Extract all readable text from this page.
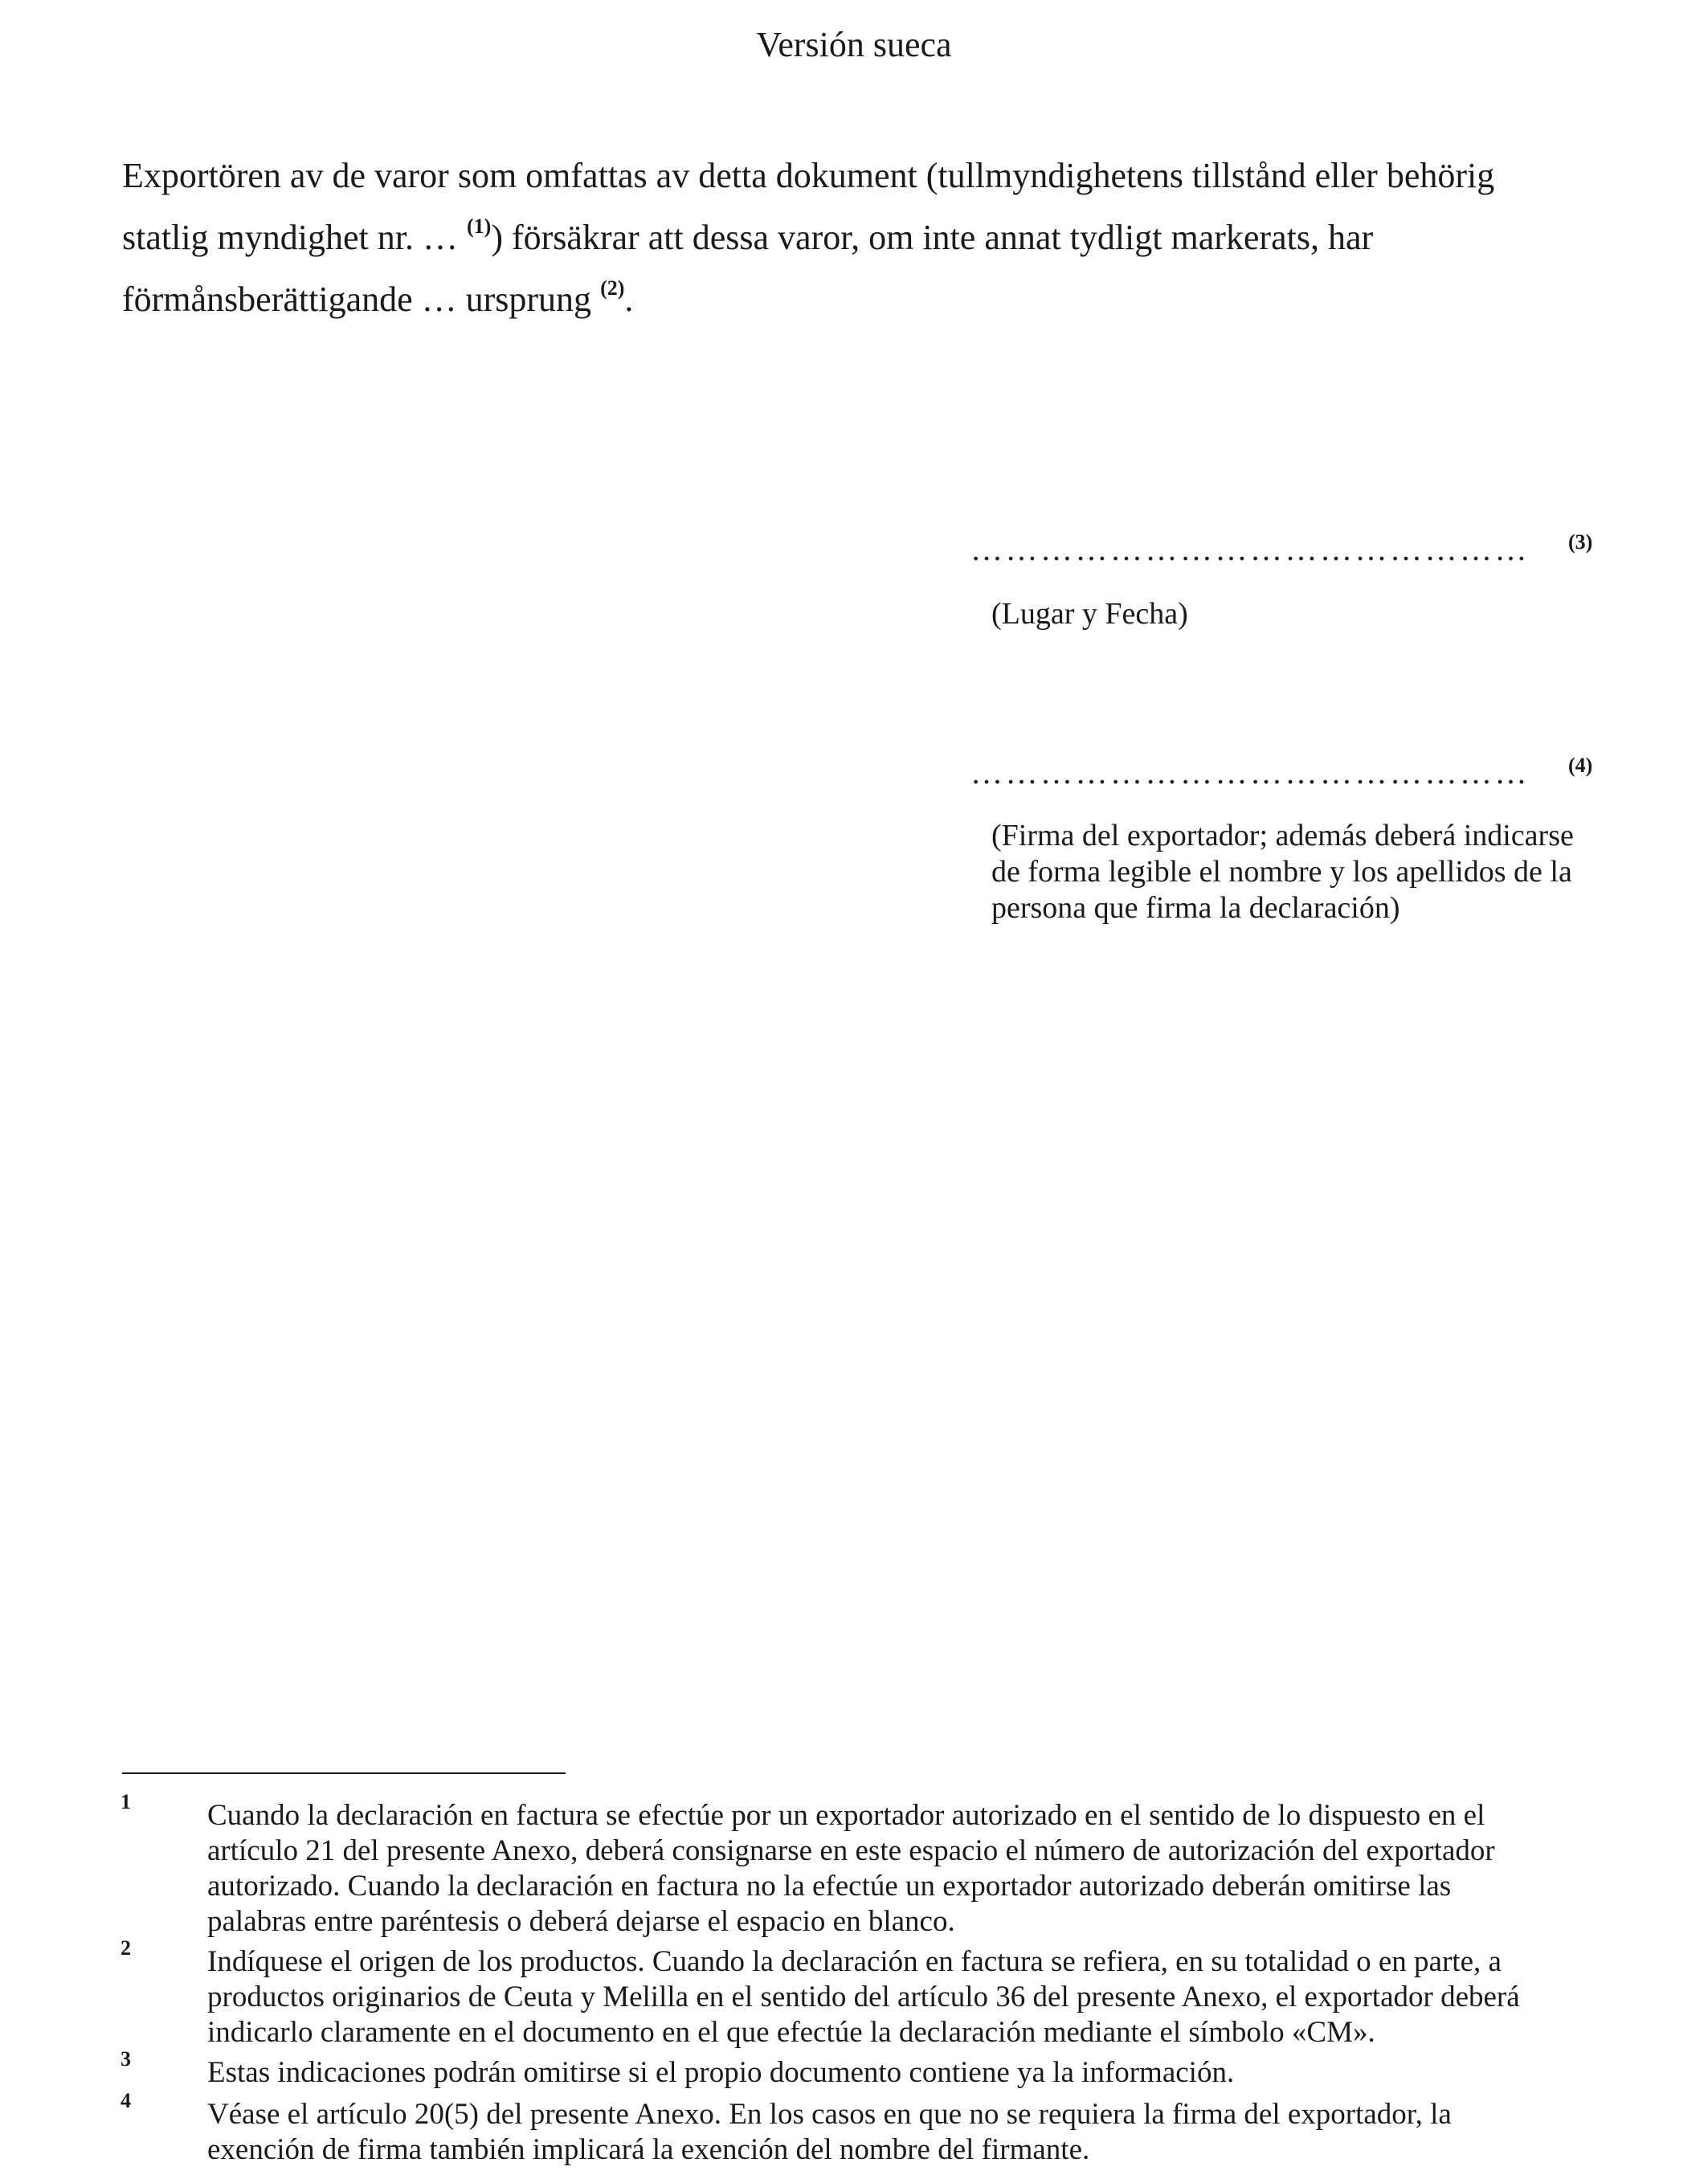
Versión sueca
Exportören av de varor som omfattas av detta dokument (tullmyndighetens tillstånd eller behörig
statlig myndighet nr. … $^{(1)}$) försäkrar att dessa varor, om inte annat tydligt markerats, har
förmånsberättigande … ursprung $^{(2)}$.
………………………………………… (3)
(Lugar y Fecha)
………………………………………… (4)
(Firma del exportador; además deberá indicarse
de forma legible el nombre y los apellidos de la
persona que firma la declaración)
1	Cuando la declaración en factura se efectúe por un exportador autorizado en el sentido de lo dispuesto en el
artículo 21 del presente Anexo, deberá consignarse en este espacio el número de autorización del exportador
autorizado. Cuando la declaración en factura no la efectúe un exportador autorizado deberán omitirse las
palabras entre paréntesis o deberá dejarse el espacio en blanco.
2	Indíquese el origen de los productos. Cuando la declaración en factura se refiera, en su totalidad o en parte, a
productos originarios de Ceuta y Melilla en el sentido del artículo 36 del presente Anexo, el exportador deberá
indicarlo claramente en el documento en el que efectúe la declaración mediante el símbolo «CM».
3	Estas indicaciones podrán omitirse si el propio documento contiene ya la información.
4	Véase el artículo 20(5) del presente Anexo. En los casos en que no se requiera la firma del exportador, la
exención de firma también implicará la exención del nombre del firmante.
